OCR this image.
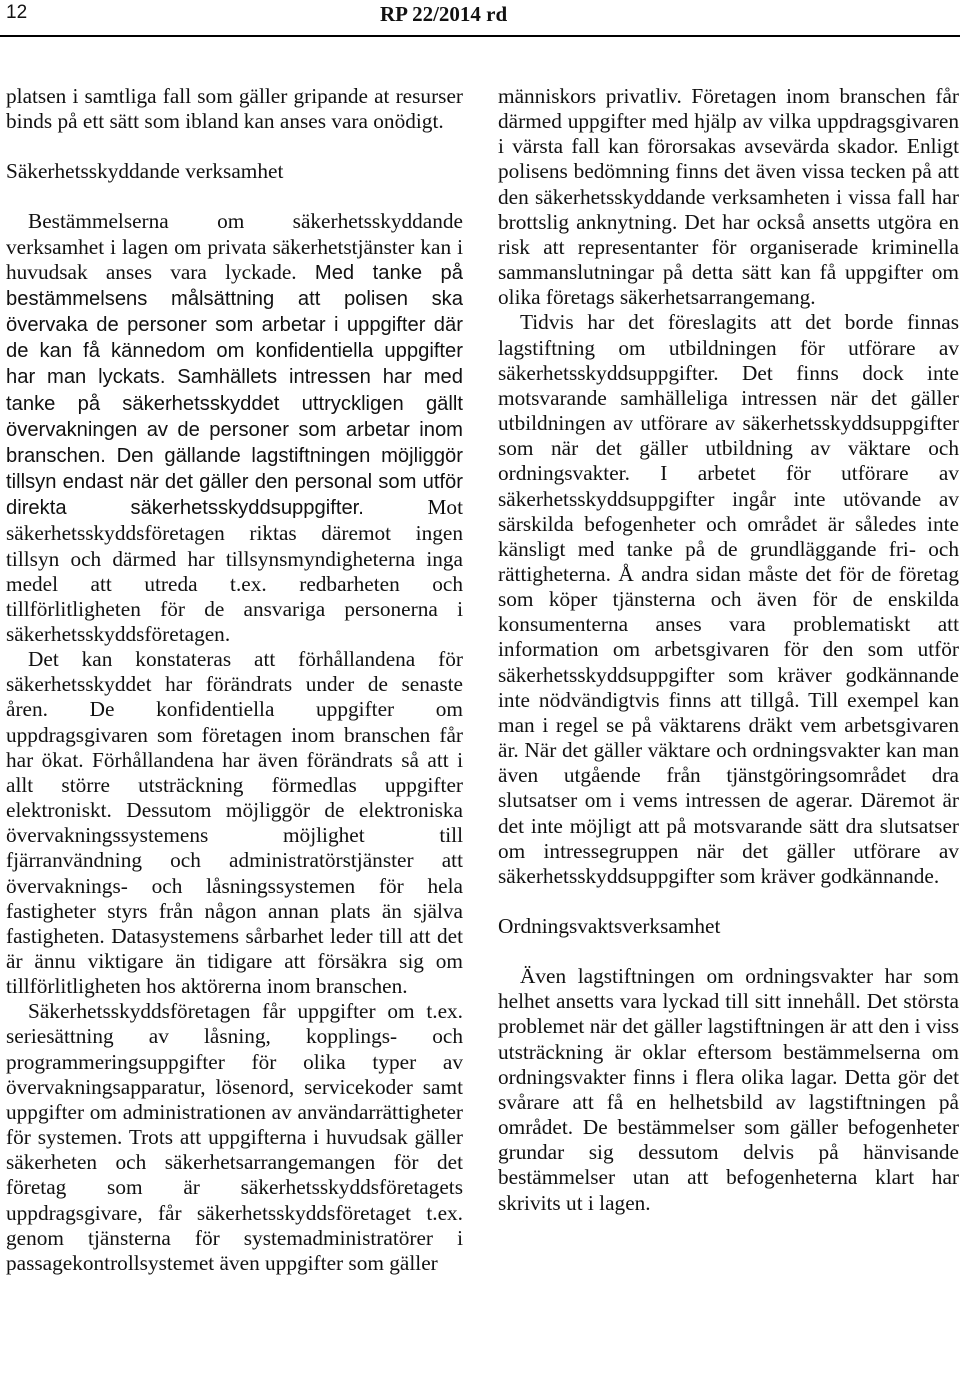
12	RP 22/2014 rd

platsen i samtliga fall som gäller gripande at resurser binds på ett sätt som ibland kan anses vara onödigt.

Säkerhetsskyddande verksamhet

Bestämmelserna om säkerhetsskyddande verksamhet i lagen om privata säkerhetstjänster kan i huvudsak anses vara lyckade. Med tanke på bestämmelsens målsättning att polisen ska övervaka de personer som arbetar i uppgifter där de kan få kännedom om konfidentiella uppgifter har man lyckats. Samhällets intressen har med tanke på säkerhetsskyddet uttryckligen gällt övervakningen av de personer som arbetar inom branschen. Den gällande lagstiftningen möjliggör tillsyn endast när det gäller den personal som utför direkta säkerhetsskyddsuppgifter.	Mot säkerhetsskyddsföretagen riktas däremot ingen tillsyn och därmed har tillsynsmyndigheterna inga medel att utreda t.ex. redbarheten och tillförlitligheten för de ansvariga personerna i säkerhetsskyddsföretagen.

Det kan konstateras att förhållandena för säkerhetsskyddet har förändrats under de senaste åren. De konfidentiella uppgifter om uppdragsgivaren som företagen inom branschen får har ökat. Förhållandena har även förändrats så att i allt större utsträckning förmedlas uppgifter elektroniskt. Dessutom möjliggör de elektroniska övervakningssystemens möjlighet till fjärranvändning och administratörstjänster att övervaknings- och låsningssystemen för hela fastigheter styrs från någon annan plats än själva fastigheten. Datasystemens sårbarhet leder till att det är ännu viktigare än tidigare att försäkra sig om tillförlitligheten hos aktörerna inom branschen.

Säkerhetsskyddsföretagen får uppgifter om t.ex. seriesättning av låsning, kopplings- och programmeringsuppgifter för olika typer av övervakningsapparatur, lösenord, servicekoder samt uppgifter om administrationen av användarrättigheter för systemen. Trots att uppgifterna i huvudsak gäller säkerheten och säkerhetsarrangemangen för det företag som är säkerhetsskyddsföretagets uppdragsgivare, får säkerhetsskyddsföretaget t.ex. genom tjänsterna för systemadministratörer i passagekontrollsystemet även uppgifter som gäller

människors privatliv. Företagen inom branschen får därmed uppgifter med hjälp av vilka uppdragsgivaren i värsta fall kan förorsakas avsevärda skador. Enligt polisens bedömning finns det även vissa tecken på att den säkerhetsskyddande verksamheten i vissa fall har brottslig anknytning. Det har också ansetts utgöra en risk att representanter för organiserade kriminella sammanslutningar på detta sätt kan få uppgifter om olika företags säkerhetsarrangemang.

Tidvis har det föreslagits att det borde finnas lagstiftning om utbildningen för utförare av säkerhetsskyddsuppgifter. Det finns dock inte motsvarande samhälleliga intressen när det gäller utbildningen av utförare av säkerhetsskyddsuppgifter som när det gäller utbildning av väktare och ordningsvakter. I arbetet för utförare av säkerhetsskyddsuppgifter ingår inte utövande av särskilda befogenheter och området är således inte känsligt med tanke på de grundläggande fri- och rättigheterna. Å andra sidan måste det för de företag som köper tjänsterna och även för de enskilda konsumenterna anses vara problematiskt att information om arbetsgivaren för den som utför säkerhetsskyddsuppgifter som kräver godkännande inte nödvändigtvis finns att tillgå. Till exempel kan man i regel se på väktarens dräkt vem arbetsgivaren är. När det gäller väktare och ordningsvakter kan man även utgående från tjänstgöringsområdet dra slutsatser om i vems intressen de agerar. Däremot är det inte möjligt att på motsvarande sätt dra slutsatser om intressegruppen när det gäller utförare av säkerhetsskyddsuppgifter som kräver godkännande.

Ordningsvaktsverksamhet

Även lagstiftningen om ordningsvakter har som helhet ansetts vara lyckad till sitt innehåll. Det största problemet när det gäller lagstiftningen är att den i viss utsträckning är oklar eftersom bestämmelserna om ordningsvakter finns i flera olika lagar. Detta gör det svårare att få en helhetsbild av lagstiftningen på området. De bestämmelser som gäller befogenheter grundar sig dessutom delvis på hänvisande bestämmelser utan att befogenheterna klart har skrivits ut i lagen.
